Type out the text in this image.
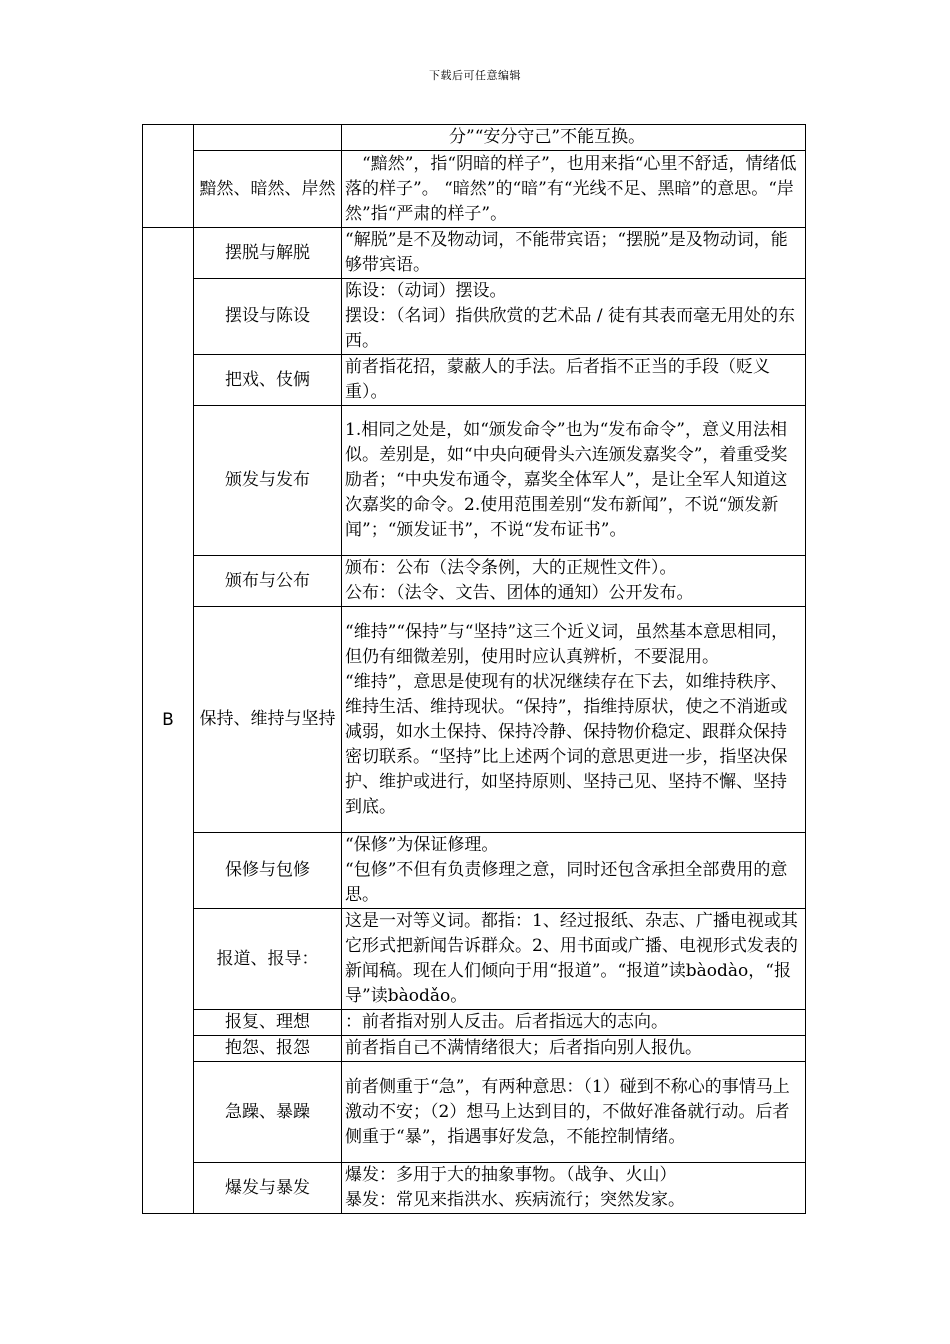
下载后可任意编辑

		分”“安分守己”不能互换。

	黯然、暗然、岸然	“黯然”，指“阴暗的样子”，也用来指“心里不舒适，情绪低落的样子”。 “暗然”的“暗”有“光线不足、黑暗”的意思。“岸然”指“严肃的样子”。

B	摆脱与解脱	“解脱”是不及物动词，不能带宾语；“摆脱”是及物动词，能够带宾语。

	摆设与陈设	陈设：（动词）摆设。
摆设：（名词）指供欣赏的艺术品 / 徒有其表而毫无用处的东西。

	把戏、伎俩	前者指花招，蒙蔽人的手法。后者指不正当的手段（贬义重）。

	颁发与发布	1.相同之处是，如“颁发命令”也为“发布命令”，意义用法相似。差别是，如“中央向硬骨头六连颁发嘉奖令”，着重受奖励者；“中央发布通令，嘉奖全体军人”，是让全军人知道这次嘉奖的命令。2.使用范围差别“发布新闻”，不说“颁发新闻”；“颁发证书”，不说“发布证书”。

	颁布与公布	颁布：公布（法令条例，大的正规性文件）。
公布：（法令、文告、团体的通知）公开发布。

	保持、维持与坚持	“维持”“保持”与“坚持”这三个近义词，虽然基本意思相同，但仍有细微差别，使用时应认真辨析，不要混用。
“维持”，意思是使现有的状况继续存在下去，如维持秩序、维持生活、维持现状。“保持”，指维持原状，使之不消逝或减弱，如水土保持、保持冷静、保持物价稳定、跟群众保持密切联系。“坚持”比上述两个词的意思更进一步，指坚决保护、维护或进行，如坚持原则、坚持己见、坚持不懈、坚持到底。

	保修与包修	“保修”为保证修理。
“包修”不但有负责修理之意，同时还包含承担全部费用的意思。

	报道、报导：	这是一对等义词。都指：1、经过报纸、杂志、广播电视或其它形式把新闻告诉群众。2、用书面或广播、电视形式发表的新闻稿。现在人们倾向于用“报道”。“报道”读bàodào，“报导”读bàodǎo。

	报复、理想	：前者指对别人反击。后者指远大的志向。

	抱怨、报怨	前者指自己不满情绪很大；后者指向别人报仇。

	急躁、暴躁	前者侧重于“急”，有两种意思：（1）碰到不称心的事情马上激动不安；（2）想马上达到目的，不做好准备就行动。后者侧重于“暴”，指遇事好发急，不能控制情绪。

	爆发与暴发	爆发：多用于大的抽象事物。（战争、火山）
暴发：常见来指洪水、疾病流行；突然发家。
